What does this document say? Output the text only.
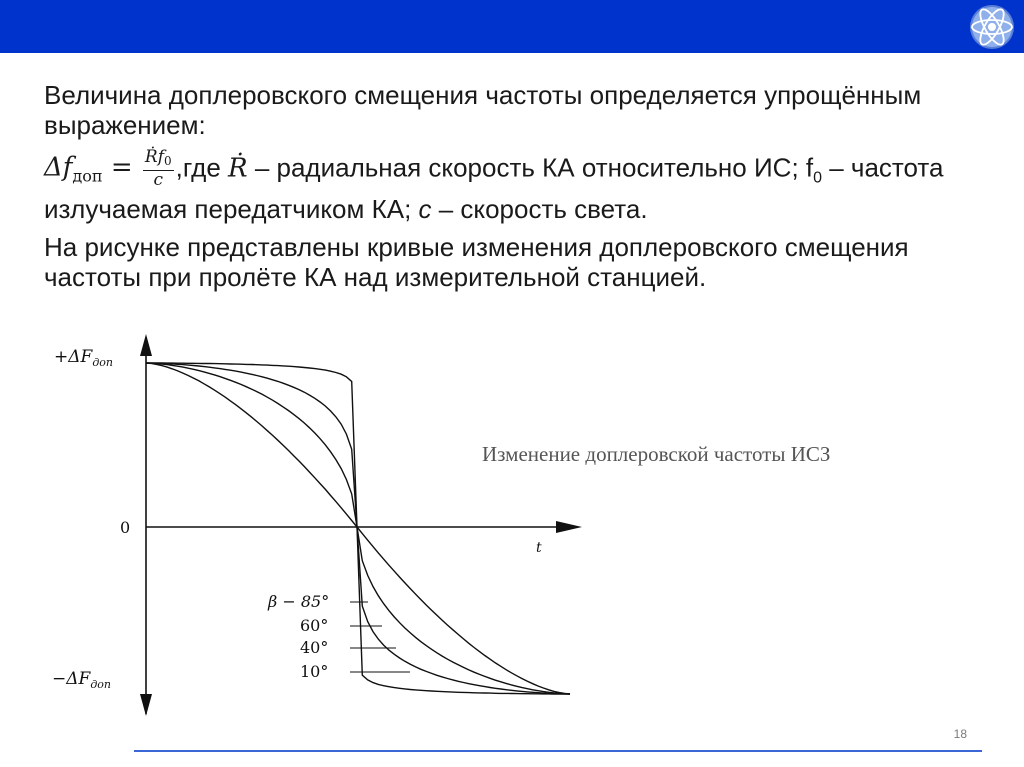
Величина доплеровского смещения частоты определяется упрощённым выражением:

$\Delta f_{доп} = \frac{Ṙf_0}{c} ,где$ Ṙ – радиальная скорость КА относительно ИС; $f_0$ – частота излучаемая передатчиком КА; c – скорость света.

На рисунке представлены кривые изменения доплеровского смещения частоты при пролёте КА над измерительной станцией.

$+\Delta F_{доп}$
0
$-\Delta F_{доп}$
t
Изменение доплеровской частоты ИСЗ
β − 85°
60°
40°
10°
18
